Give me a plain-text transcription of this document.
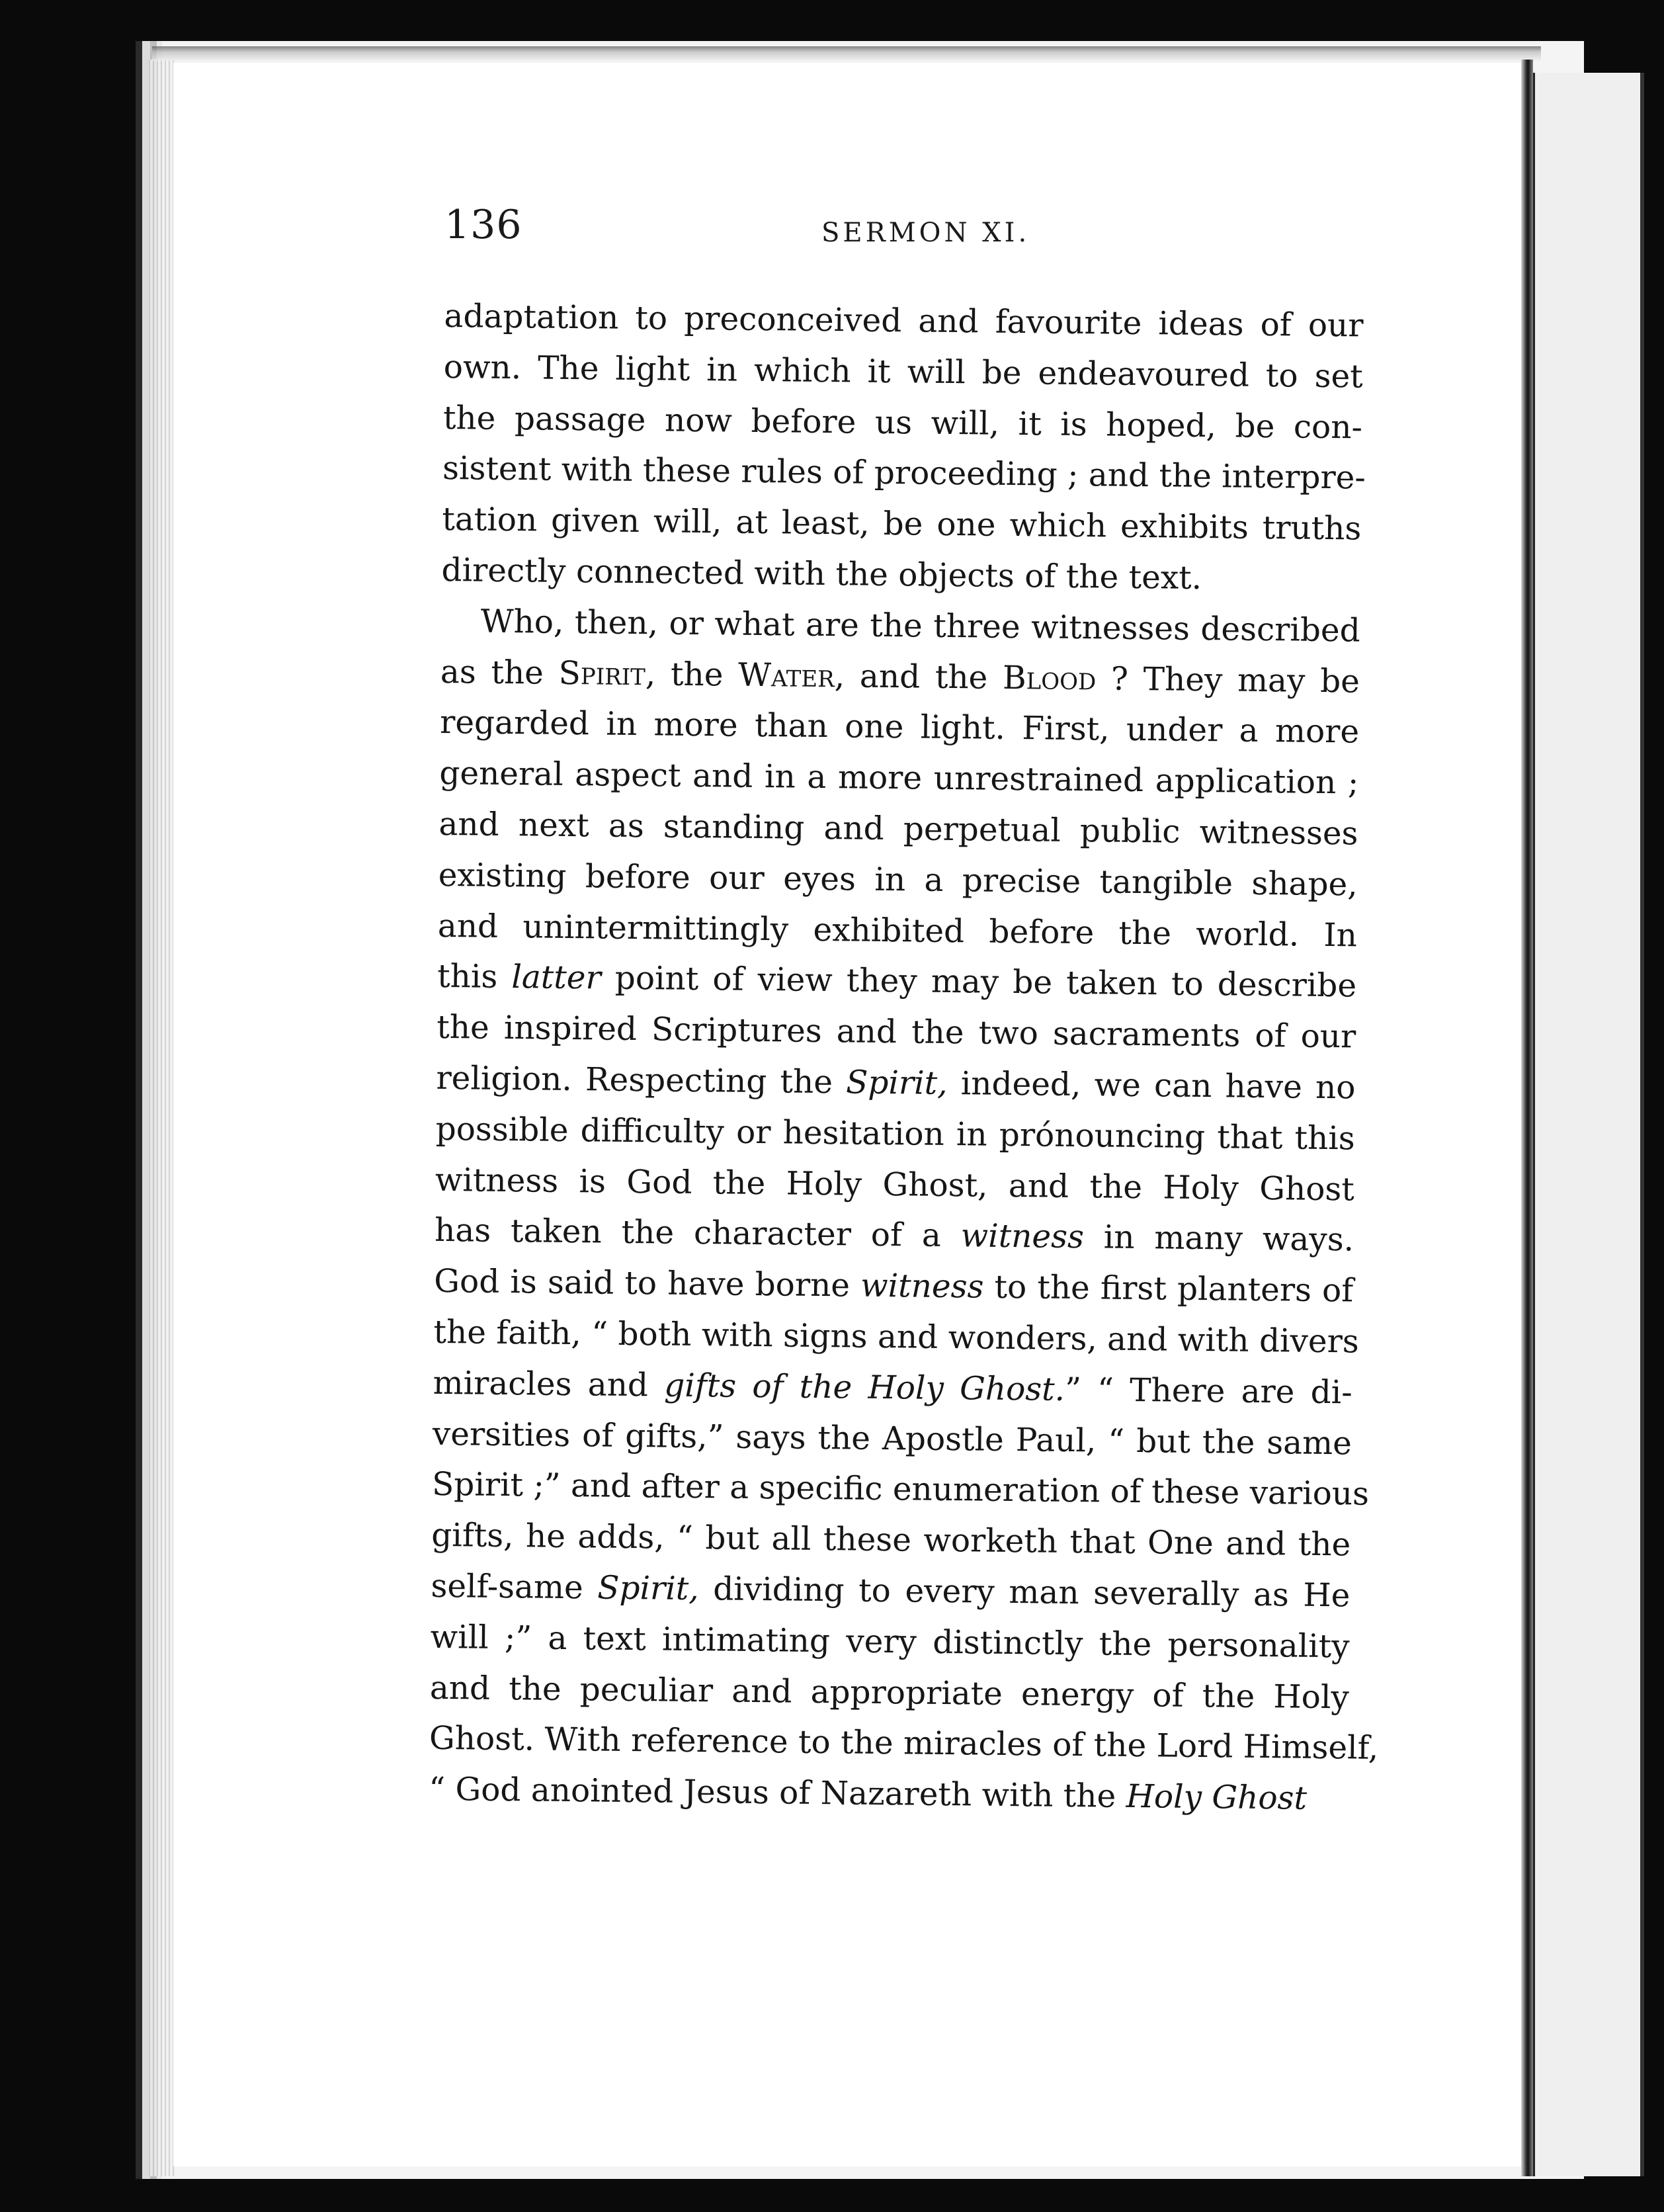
136	SERMON XI.
adaptation to preconceived and favourite ideas of our
own. The light in which it will be endeavoured to set
the passage now before us will, it is hoped, be con-
sistent with these rules of proceeding ; and the interpre-
tation given will, at least, be one which exhibits truths
directly connected with the objects of the text.
Who, then, or what are the three witnesses described
as the Spirit, the Water, and the Blood ? They may be
regarded in more than one light. First, under a more
general aspect and in a more unrestrained application ;
and next as standing and perpetual public witnesses
existing before our eyes in a precise tangible shape,
and unintermittingly exhibited before the world. In
this latter point of view they may be taken to describe
the inspired Scriptures and the two sacraments of our
religion. Respecting the Spirit, indeed, we can have no
possible difficulty or hesitation in prónouncing that this
witness is God the Holy Ghost, and the Holy Ghost
has taken the character of a witness in many ways.
God is said to have borne witness to the first planters of
the faith, “ both with signs and wonders, and with divers
miracles and gifts of the Holy Ghost.” “ There are di-
versities of gifts,” says the Apostle Paul, “ but the same
Spirit ;” and after a specific enumeration of these various
gifts, he adds, “ but all these worketh that One and the
self-same Spirit, dividing to every man severally as He
will ;” a text intimating very distinctly the personality
and the peculiar and appropriate energy of the Holy
Ghost. With reference to the miracles of the Lord Himself,
“ God anointed Jesus of Nazareth with the Holy Ghost
